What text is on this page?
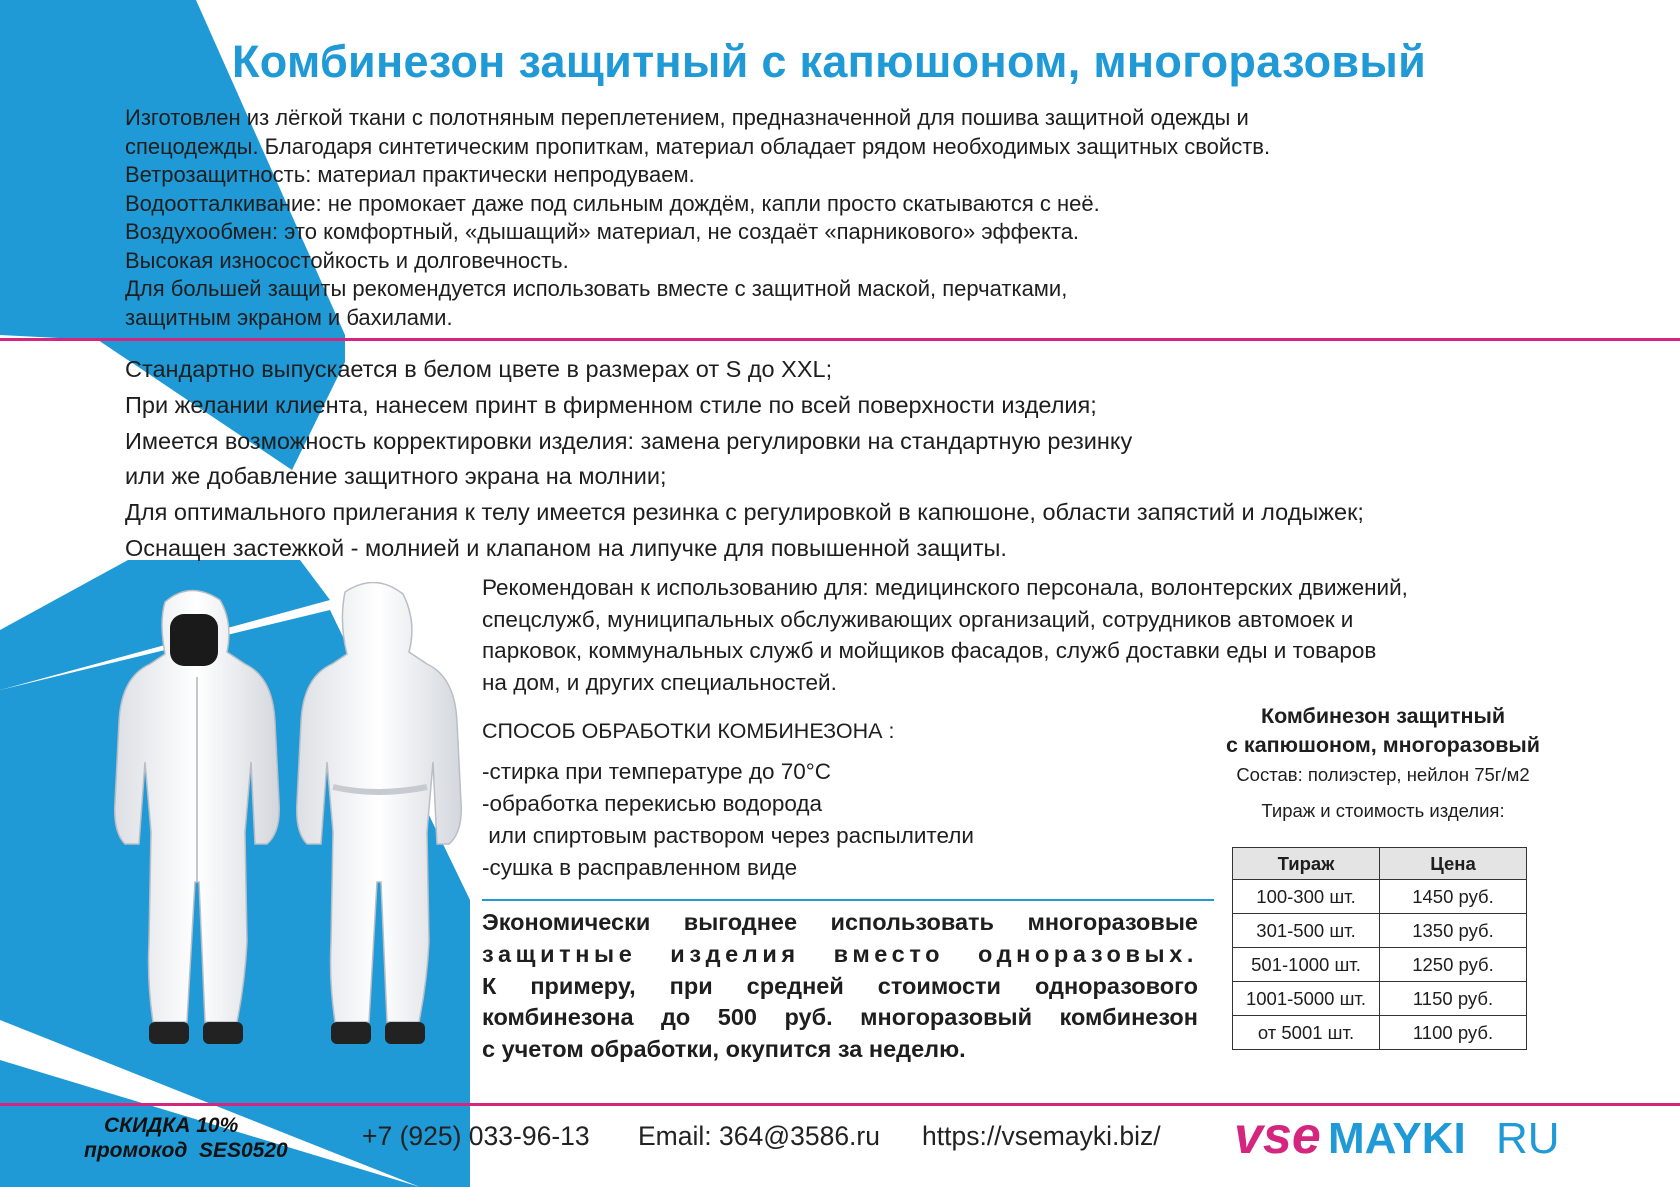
Комбинезон защитный с капюшоном, многоразовый
Изготовлен из лёгкой ткани с полотняным переплетением, предназначенной для пошива защитной одежды и
спецодежды. Благодаря синтетическим пропиткам, материал обладает рядом необходимых защитных свойств.
Ветрозащитность: материал практически непродуваем.
Водоотталкивание: не промокает даже под сильным дождём, капли просто скатываются с неё.
Воздухообмен: это комфортный, «дышащий» материал, не создаёт «парникового» эффекта.
Высокая износостойкость и долговечность.
Для большей защиты рекомендуется использовать вместе с защитной маской, перчатками,
защитным экраном и бахилами.
Стандартно выпускается в белом цвете в размерах от S до XXL;
При желании клиента, нанесем принт в фирменном стиле по всей поверхности изделия;
Имеется возможность корректировки изделия: замена регулировки на стандартную резинку
или же добавление защитного экрана на молнии;
Для оптимального прилегания к телу имеется резинка с регулировкой в капюшоне, области запястий и лодыжек;
Оснащен застежкой - молнией и клапаном на липучке для повышенной защиты.
Рекомендован к использованию для: медицинского персонала, волонтерских движений,
спецслужб, муниципальных обслуживающих организаций, сотрудников автомоек и
парковок, коммунальных служб и мойщиков фасадов, служб доставки еды и товаров
на дом, и других специальностей.
СПОСОБ ОБРАБОТКИ КОМБИНЕЗОНА :
-стирка при температуре до 70°С
-обработка перекисью водорода
или спиртовым раствором через распылители
-сушка в расправленном виде
Экономически выгоднее использовать многоразовые
защитные изделия вместо одноразовых.
К примеру, при средней стоимости одноразового
комбинезона до 500 руб. многоразовый комбинезон
с учетом обработки, окупится за неделю.
Комбинезон защитный
с капюшоном, многоразовый
Состав: полиэстер, нейлон 75г/м2
Тираж и стоимость изделия:
Тираж	Цена
100-300 шт.	1450 руб.
301-500 шт.	1350 руб.
501-1000 шт.	1250 руб.
1001-5000 шт.	1150 руб.
от 5001 шт.	1100 руб.
СКИДКА 10%
промокод  SES0520	+7 (925) 033-96-13 Email: 364@3586.ru https://vsemayki.biz/ vse MAYKI RU
